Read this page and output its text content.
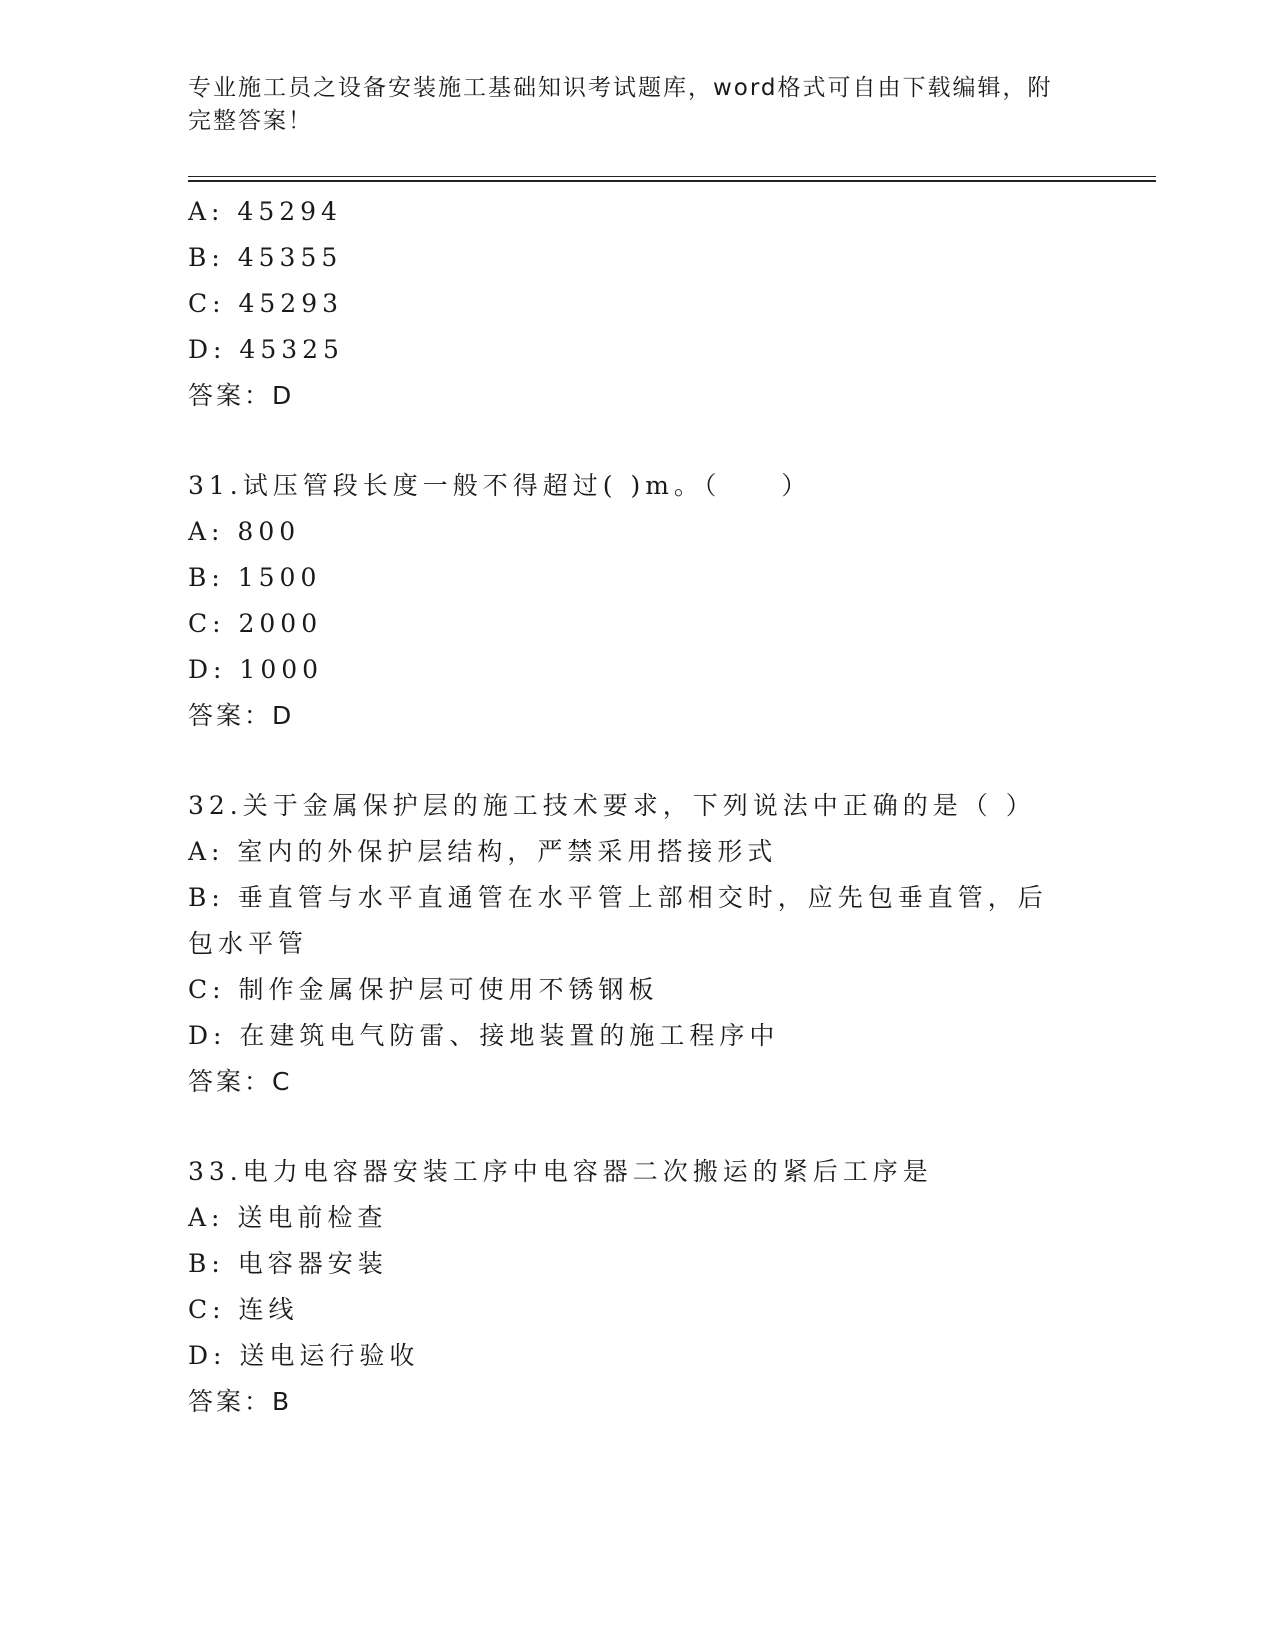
专业施工员之设备安装施工基础知识考试题库，word格式可自由下载编辑，附完整答案！
A: 45294
B: 45355
C: 45293
D: 45325
答案：D
31.试压管段长度一般不得超过( )m。（　　）
A: 800
B: 1500
C: 2000
D: 1000
答案：D
32.关于金属保护层的施工技术要求，下列说法中正确的是（ ）
A: 室内的外保护层结构，严禁采用搭接形式
B: 垂直管与水平直通管在水平管上部相交时，应先包垂直管，后包水平管
C: 制作金属保护层可使用不锈钢板
D: 在建筑电气防雷、接地装置的施工程序中
答案：C
33.电力电容器安装工序中电容器二次搬运的紧后工序是
A: 送电前检查
B: 电容器安装
C: 连线
D: 送电运行验收
答案：B
